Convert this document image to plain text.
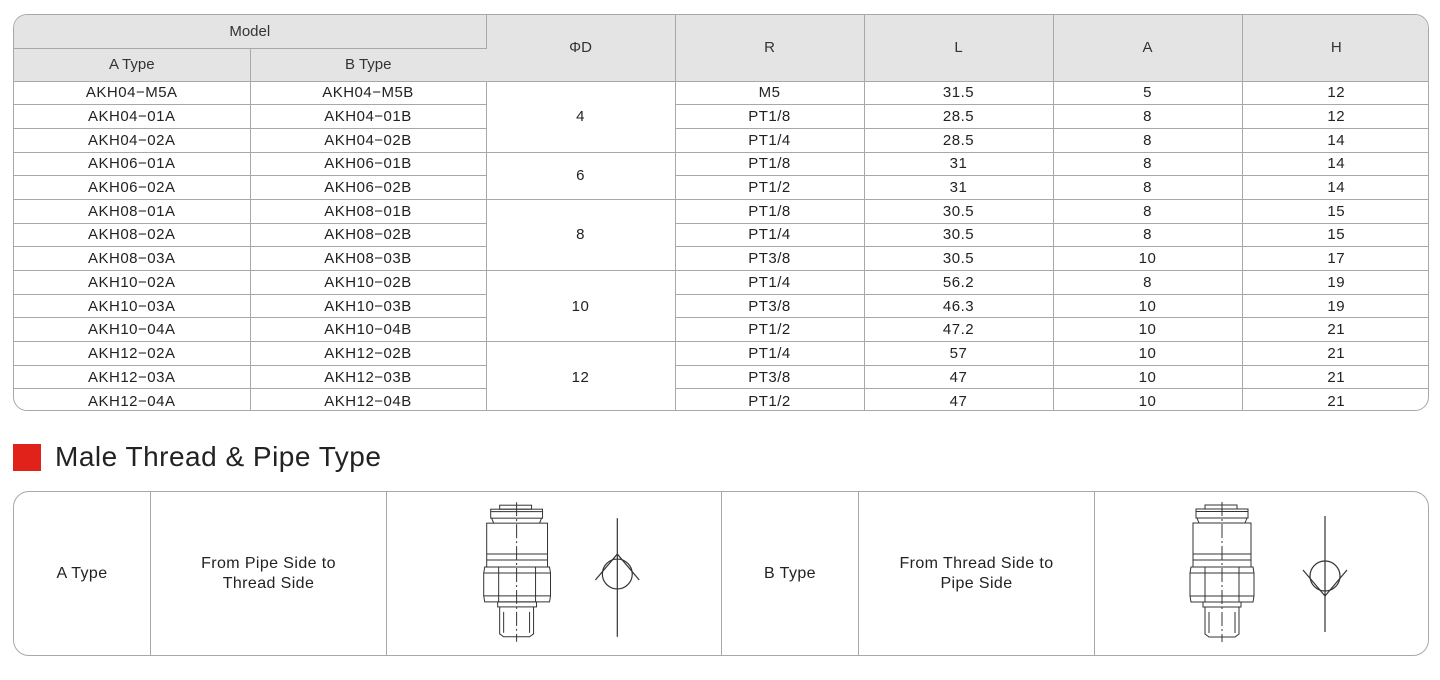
Model		ΦD	R	L	A	H
A Type	B Type					
AKH04−M5A	AKH04−M5B	4	M5	31.5	5	12
AKH04−01A	AKH04−01B		PT1/8	28.5	8	12
AKH04−02A	AKH04−02B		PT1/4	28.5	8	14
AKH06−01A	AKH06−01B	6	PT1/8	31	8	14
AKH06−02A	AKH06−02B		PT1/2	31	8	14
AKH08−01A	AKH08−01B	8	PT1/8	30.5	8	15
AKH08−02A	AKH08−02B		PT1/4	30.5	8	15
AKH08−03A	AKH08−03B		PT3/8	30.5	10	17
AKH10−02A	AKH10−02B	10	PT1/4	56.2	8	19
AKH10−03A	AKH10−03B		PT3/8	46.3	10	19
AKH10−04A	AKH10−04B		PT1/2	47.2	10	21
AKH12−02A	AKH12−02B	12	PT1/4	57	10	21
AKH12−03A	AKH12−03B		PT3/8	47	10	21
AKH12−04A	AKH12−04B		PT1/2	47	10	21
Male Thread & Pipe Type
A Type
From Pipe Side to
Thread Side
B Type
From Thread Side to
Pipe Side
